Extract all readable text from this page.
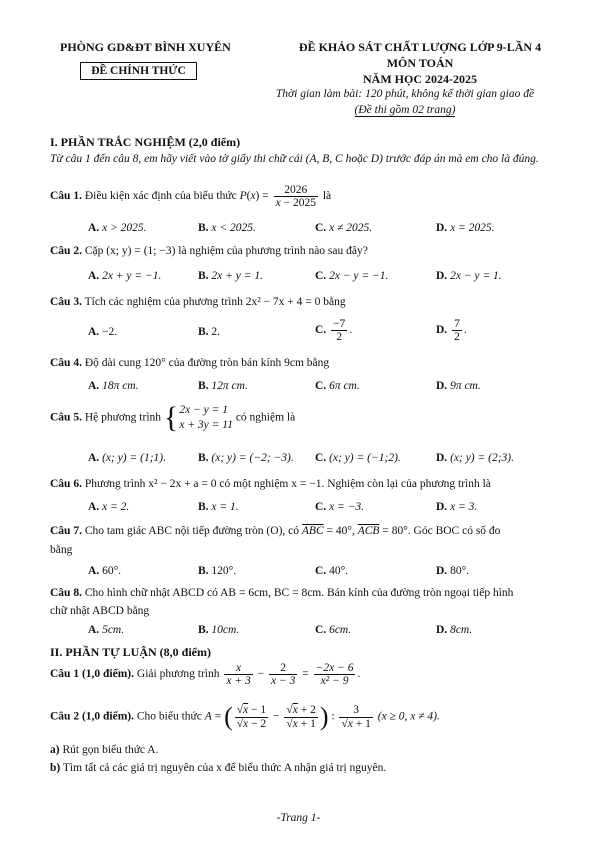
PHÒNG GD&ĐT BÌNH XUYÊN
ĐỀ CHÍNH THỨC
ĐỀ KHẢO SÁT CHẤT LƯỢNG LỚP 9-LẦN 4
MÔN TOÁN
NĂM HỌC 2024-2025
Thời gian làm bài: 120 phút, không kể thời gian giao đề
(Đề thi gồm 02 trang)
I. PHẦN TRẮC NGHIỆM (2,0 điểm)
Từ câu 1 đến câu 8, em hãy viết vào tờ giấy thi chữ cái (A, B, C hoặc D) trước đáp án mà em cho là đúng.
Câu 1. Điều kiện xác định của biểu thức $P(x) = \frac{2026}{x - 2025}$ là
A. x > 2025.	B. x < 2025.	C. x ≠ 2025.	D. x = 2025.
Câu 2. Cặp (x; y) = (1; −3) là nghiệm của phương trình nào sau đây?
A. 2x + y = −1.	B. 2x + y = 1.	C. 2x − y = −1.	D. 2x − y = 1.
Câu 3. Tích các nghiệm của phương trình 2x² − 7x + 4 = 0 bằng
A. −2.	B. 2.	C. $\frac{-7}{2}$ .	D. $\frac{7}{2}$ .
Câu 4. Độ dài cung 120° của đường tròn bán kính 9cm bằng
A. 18π cm.	B. 12π cm.	C. 6π cm.	D. 9π cm.
Câu 5. Hệ phương trình {2x − y = 1
x + 3y = 11 có nghiệm là
A. (x; y) = (1;1).	B. (x; y) = (−2; −3). C. (x; y) = (−1;2).	D. (x; y) = (2;3).
Câu 6. Phương trình x² − 2x + a = 0 có một nghiệm x = −1. Nghiệm còn lại của phương trình là
A. x = 2.	B. x = 1.	C. x = −3.	D. x = 3.
Câu 7. Cho tam giác ABC nội tiếp đường tròn (O), có $\overline{ABC} = 40^\circ$, $\overline{ACB} = 80^\circ$. Góc BOC có số đo
bằng
A. 60°.	B. 120°.	C. 40°.	D. 80°.
Câu 8. Cho hình chữ nhật ABCD có AB = 6cm, BC = 8cm. Bán kính của đường tròn ngoại tiếp hình
chữ nhật ABCD bằng
A. 5cm.	B. 10cm.	C. 6cm.	D. 8cm.
II. PHẦN TỰ LUẬN (8,0 điểm)
Câu 1 (1,0 điểm). Giải phương trình $\frac{x}{x + 3} - \frac{2}{x - 3} = \frac{-2x - 6}{\text{x² − 9}}$ .
Câu 2 (1,0 điểm). Cho biểu thức A = ( $\frac{√x - 1}{√x - 2} - \frac{√x + 2}{√x + 1}$ ) : $\frac{3}{√x + 1} (x \ge 0$, x ≠ 4).
a) Rút gọn biểu thức A.
b) Tìm tất cả các giá trị nguyên của x để biểu thức A nhận giá trị nguyên.
-Trang 1-
